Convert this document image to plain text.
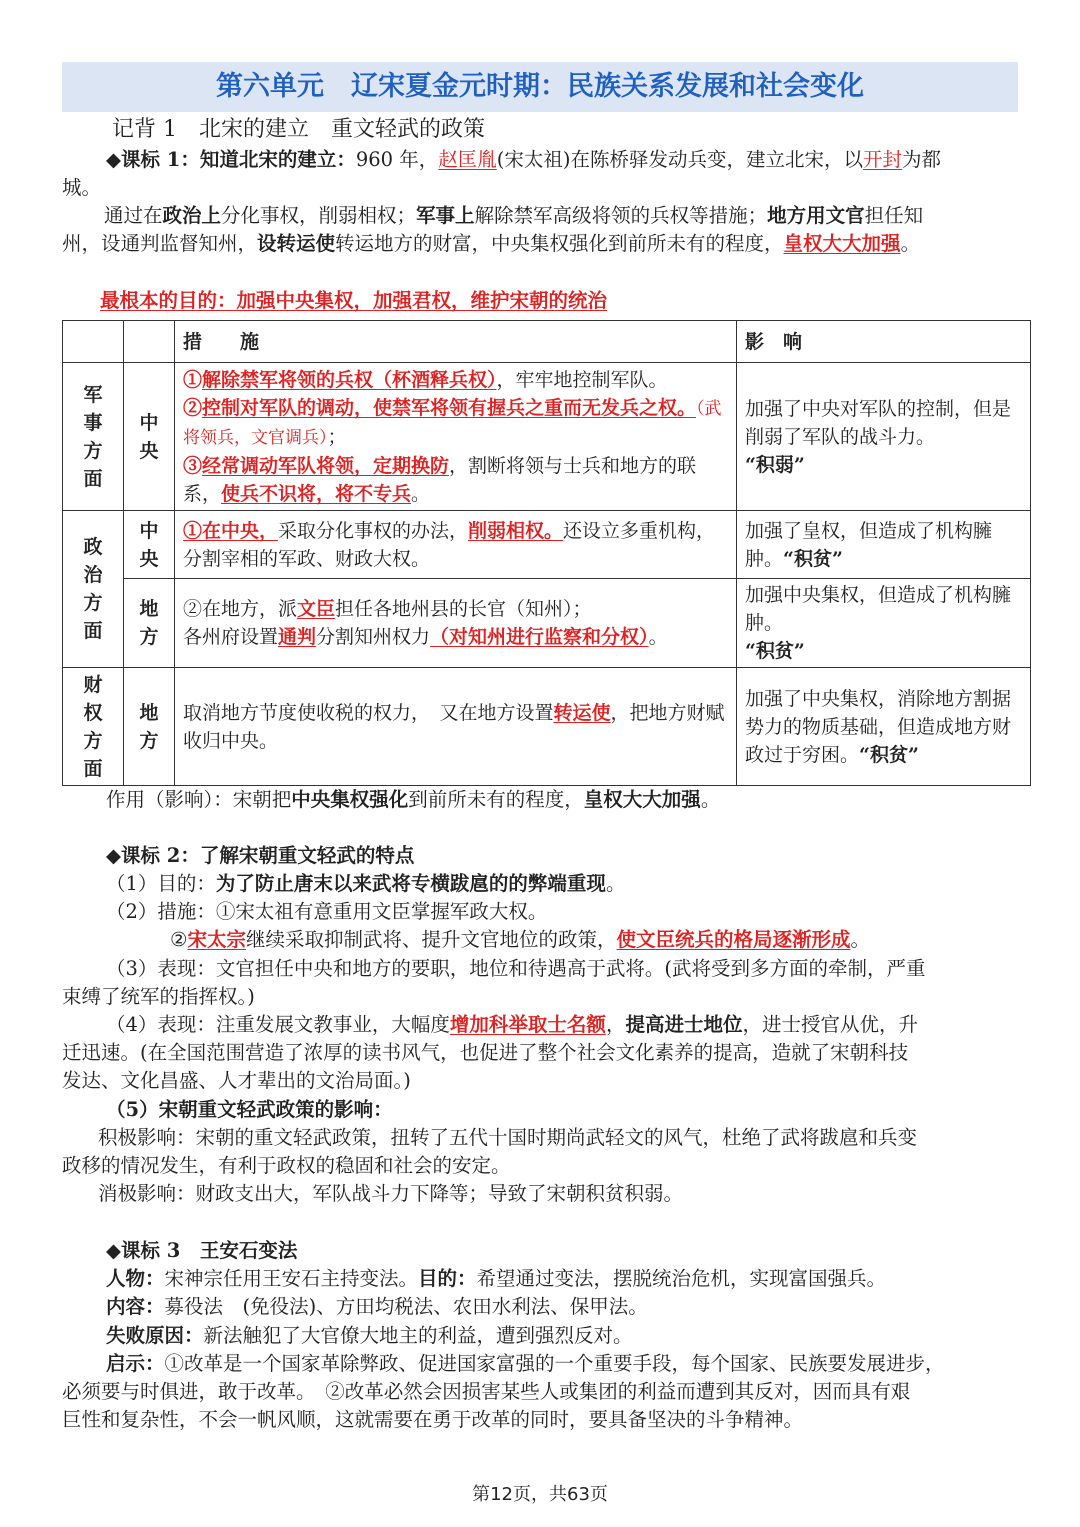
第六单元　辽宋夏金元时期：民族关系发展和社会变化
记背 1　北宋的建立　重文轻武的政策
◆课标 1：知道北宋的建立：960 年，赵匡胤(宋太祖)在陈桥驿发动兵变，建立北宋，以开封为都
城。
通过在政治上分化事权，削弱相权；军事上解除禁军高级将领的兵权等措施；地方用文官担任知
州，设通判监督知州，设转运使转运地方的财富，中央集权强化到前所未有的程度，皇权大大加强。
最根本的目的：加强中央集权，加强君权，维护宋朝的统治
		措　　施	影　响
军事方面	中央	①解除禁军将领的兵权（杯酒释兵权），牢牢地控制军队。
②控制对军队的调动，使禁军将领有握兵之重而无发兵之权。（武将领兵，文官调兵）；
③经常调动军队将领，定期换防，割断将领与士兵和地方的联系，使兵不识将，将不专兵。	加强了中央对军队的控制，但是削弱了军队的战斗力。
“积弱”
政治方面	中央	①在中央，采取分化事权的办法，削弱相权。还设立多重机构，分割宰相的军政、财政大权。	加强了皇权，但造成了机构臃肿。“积贫”
	地方	②在地方，派文臣担任各地州县的长官（知州）；
各州府设置通判分割知州权力（对知州进行监察和分权）。	加强中央集权，但造成了机构臃肿。
“积贫”
财权方面	地方	取消地方节度使收税的权力，　又在地方设置转运使，把地方财赋收归中央。	加强了中央集权，消除地方割据势力的物质基础，但造成地方财政过于穷困。“积贫”
作用（影响）：宋朝把中央集权强化到前所未有的程度，皇权大大加强。
◆课标 2：了解宋朝重文轻武的特点
（1）目的：为了防止唐末以来武将专横跋扈的的弊端重现。
（2）措施：①宋太祖有意重用文臣掌握军政大权。
②宋太宗继续采取抑制武将、提升文官地位的政策，使文臣统兵的格局逐渐形成。
（3）表现：文官担任中央和地方的要职，地位和待遇高于武将。(武将受到多方面的牵制，严重
束缚了统军的指挥权。)
（4）表现：注重发展文教事业，大幅度增加科举取士名额，提高进士地位，进士授官从优，升
迁迅速。(在全国范围营造了浓厚的读书风气，也促进了整个社会文化素养的提高，造就了宋朝科技
发达、文化昌盛、人才辈出的文治局面。)
（5）宋朝重文轻武政策的影响：
积极影响：宋朝的重文轻武政策，扭转了五代十国时期尚武轻文的风气，杜绝了武将跋扈和兵变
政移的情况发生，有利于政权的稳固和社会的安定。
消极影响：财政支出大，军队战斗力下降等；导致了宋朝积贫积弱。
◆课标 3　王安石变法
人物：宋神宗任用王安石主持变法。目的：希望通过变法，摆脱统治危机，实现富国强兵。
内容：募役法　(免役法)、方田均税法、农田水利法、保甲法。
失败原因：新法触犯了大官僚大地主的利益，遭到强烈反对。
启示：①改革是一个国家革除弊政、促进国家富强的一个重要手段，每个国家、民族要发展进步，
必须要与时俱进，敢于改革。　②改革必然会因损害某些人或集团的利益而遭到其反对，因而具有艰
巨性和复杂性，不会一帆风顺，这就需要在勇于改革的同时，要具备坚决的斗争精神。
第12页，共63页
